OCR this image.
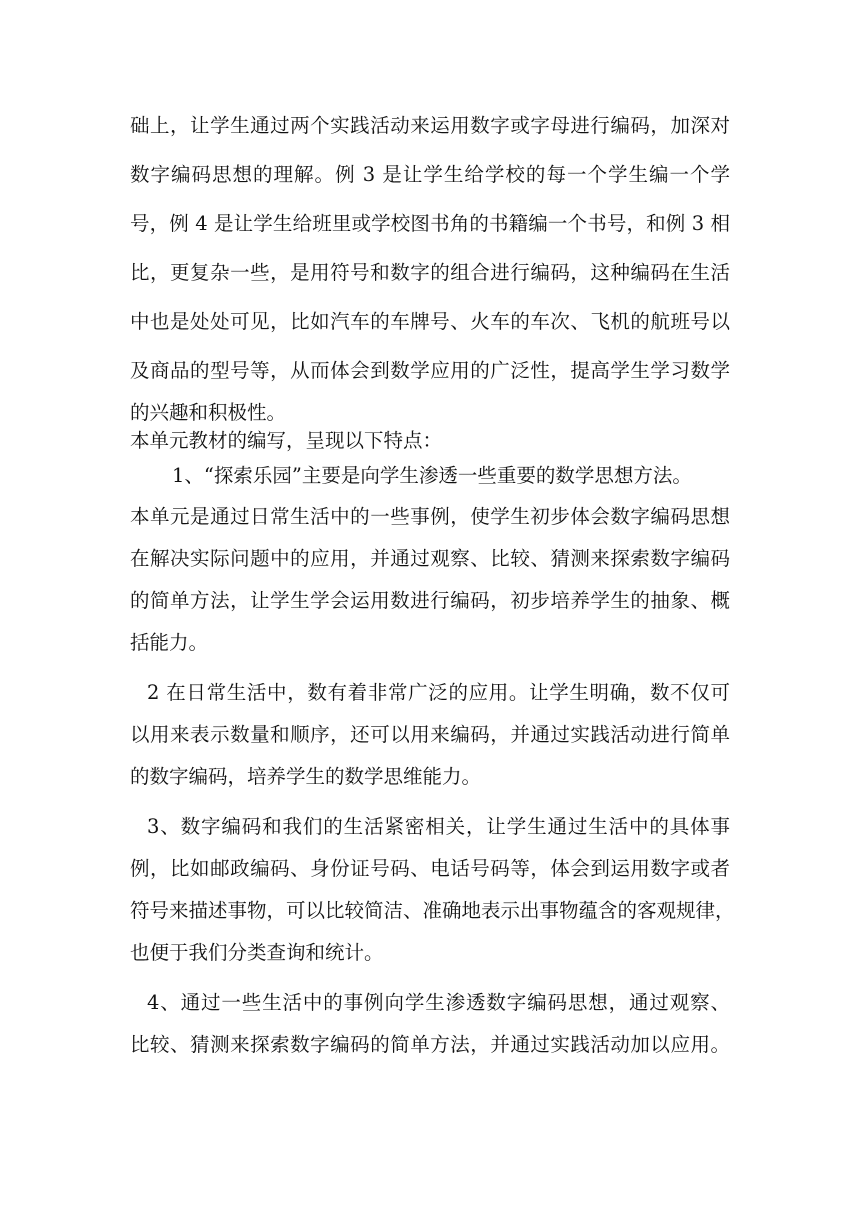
础上，让学生通过两个实践活动来运用数字或字母进行编码，加深对
数字编码思想的理解。例 3 是让学生给学校的每一个学生编一个学
号，例 4 是让学生给班里或学校图书角的书籍编一个书号，和例 3 相
比，更复杂一些，是用符号和数字的组合进行编码，这种编码在生活
中也是处处可见，比如汽车的车牌号、火车的车次、飞机的航班号以
及商品的型号等，从而体会到数学应用的广泛性，提高学生学习数学
的兴趣和积极性。
本单元教材的编写，呈现以下特点：
1、“探索乐园”主要是向学生渗透一些重要的数学思想方法。
本单元是通过日常生活中的一些事例，使学生初步体会数字编码思想
在解决实际问题中的应用，并通过观察、比较、猜测来探索数字编码
的简单方法，让学生学会运用数进行编码，初步培养学生的抽象、概
括能力。
2 在日常生活中，数有着非常广泛的应用。让学生明确，数不仅可
以用来表示数量和顺序，还可以用来编码，并通过实践活动进行简单
的数字编码，培养学生的数学思维能力。
3、数字编码和我们的生活紧密相关，让学生通过生活中的具体事
例，比如邮政编码、身份证号码、电话号码等，体会到运用数字或者
符号来描述事物，可以比较简洁、准确地表示出事物蕴含的客观规律，
也便于我们分类查询和统计。
4、通过一些生活中的事例向学生渗透数字编码思想，通过观察、
比较、猜测来探索数字编码的简单方法，并通过实践活动加以应用。
